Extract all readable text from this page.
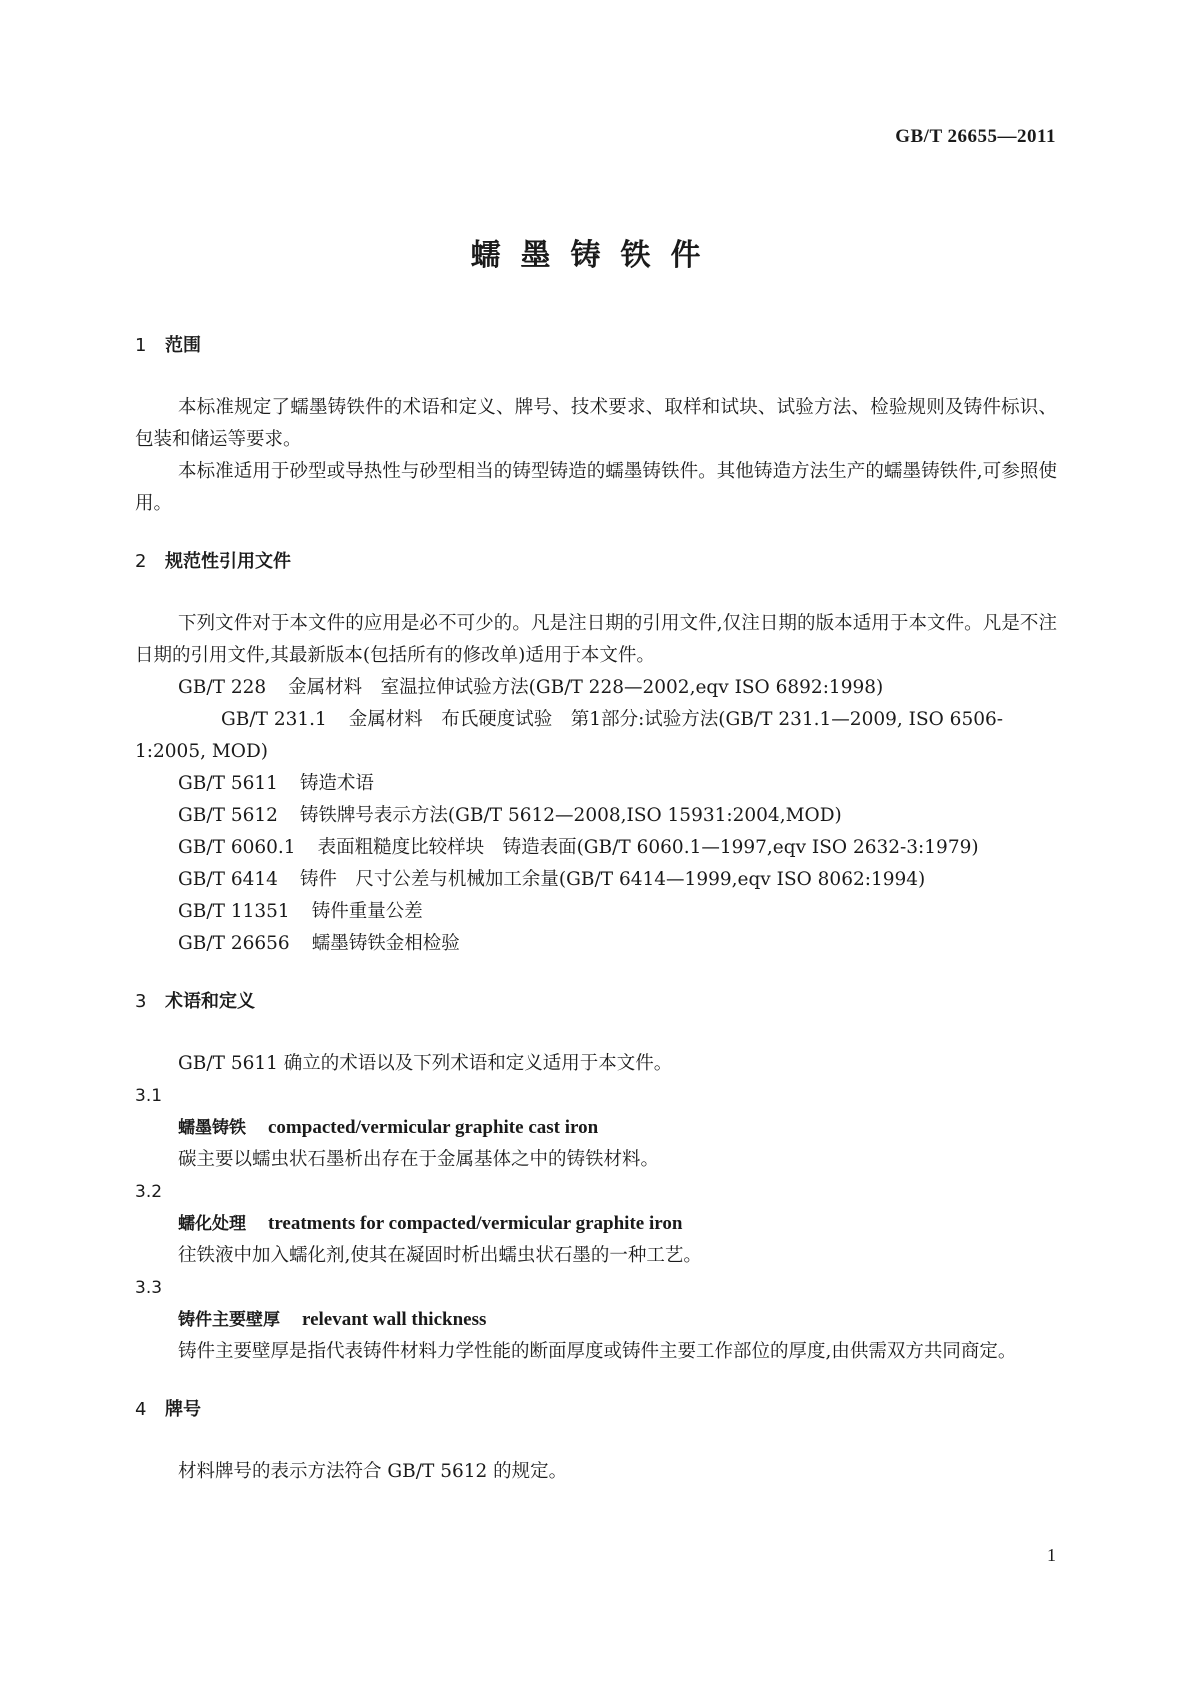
GB/T 26655—2011
蠕墨铸铁件
1 范围

本标准规定了蠕墨铸铁件的术语和定义、牌号、技术要求、取样和试块、试验方法、检验规则及铸件标识、包装和储运等要求。

本标准适用于砂型或导热性与砂型相当的铸型铸造的蠕墨铸铁件。其他铸造方法生产的蠕墨铸铁件,可参照使用。

2 规范性引用文件

下列文件对于本文件的应用是必不可少的。凡是注日期的引用文件,仅注日期的版本适用于本文件。凡是不注日期的引用文件,其最新版本(包括所有的修改单)适用于本文件。

GB/T 228 金属材料　室温拉伸试验方法(GB/T 228—2002,eqv ISO 6892:1998)

GB/T 231.1 金属材料　布氏硬度试验　第1部分:试验方法(GB/T 231.1—2009, ISO 6506-1:2005, MOD)

GB/T 5611 铸造术语

GB/T 5612 铸铁牌号表示方法(GB/T 5612—2008,ISO 15931:2004,MOD)

GB/T 6060.1 表面粗糙度比较样块　铸造表面(GB/T 6060.1—1997,eqv ISO 2632-3:1979)

GB/T 6414 铸件　尺寸公差与机械加工余量(GB/T 6414—1999,eqv ISO 8062:1994)

GB/T 11351 铸件重量公差

GB/T 26656 蠕墨铸铁金相检验

3 术语和定义

GB/T 5611 确立的术语以及下列术语和定义适用于本文件。

3.1

蠕墨铸铁 compacted/vermicular graphite cast iron

碳主要以蠕虫状石墨析出存在于金属基体之中的铸铁材料。

3.2

蠕化处理 treatments for compacted/vermicular graphite iron

往铁液中加入蠕化剂,使其在凝固时析出蠕虫状石墨的一种工艺。

3.3

铸件主要壁厚 relevant wall thickness

铸件主要壁厚是指代表铸件材料力学性能的断面厚度或铸件主要工作部位的厚度,由供需双方共同商定。

4 牌号

材料牌号的表示方法符合 GB/T 5612 的规定。

1
